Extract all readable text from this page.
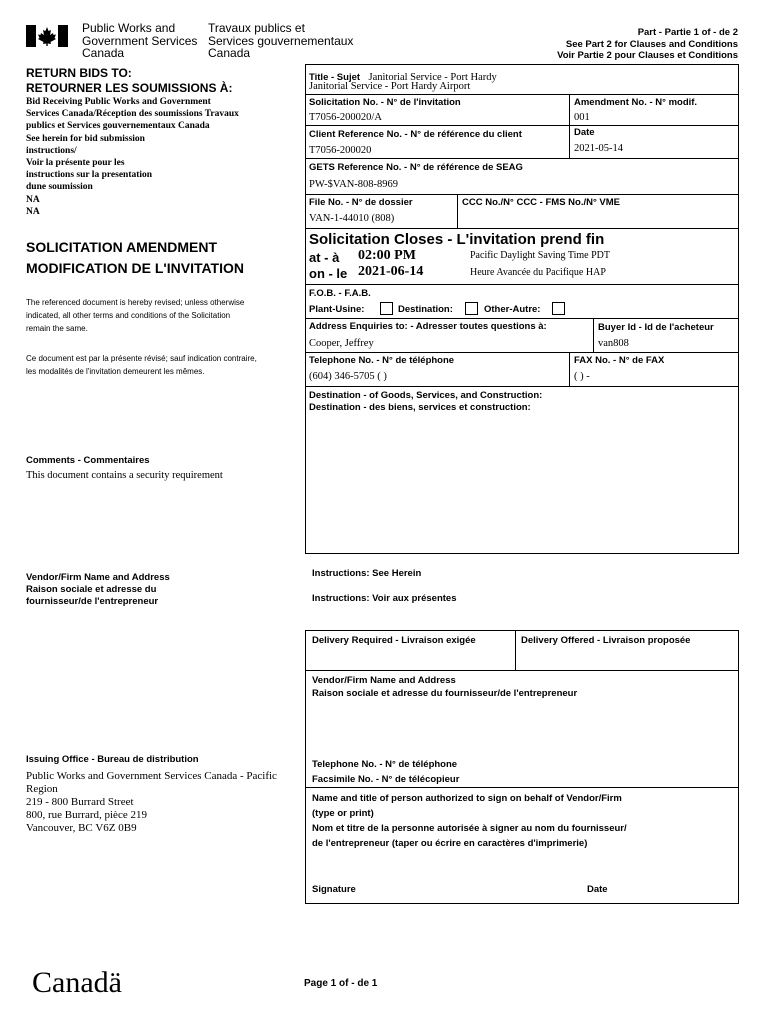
Public Works and
Government Services
Canada
Travaux publics et
Services gouvernementaux
Canada
Part - Partie 1 of - de 2
See Part 2 for Clauses and Conditions
Voir Partie 2 pour Clauses et Conditions
RETURN BIDS TO:
RETOURNER LES SOUMISSIONS À:
Bid Receiving Public Works and Government
Services Canada/Réception des soumissions Travaux
publics et Services gouvernementaux Canada
See herein for bid submission
instructions/
Voir la présente pour les
instructions sur la presentation
dune soumission
NA
NA
SOLICITATION AMENDMENT
MODIFICATION DE L'INVITATION
The referenced document is hereby revised; unless otherwise
indicated, all other terms and conditions of the Solicitation
remain the same.
Ce document est par la présente révisé; sauf indication contraire,
les modalités de l'invitation demeurent les mêmes.
Comments - Commentaires
This document contains a security requirement
Vendor/Firm Name and Address
Raison sociale et adresse du
fournisseur/de l'entrepreneur
Issuing Office - Bureau de distribution
Public Works and Government Services Canada - Pacific
Region
219 - 800 Burrard Street
800, rue Burrard, pièce 219
Vancouver, BC V6Z 0B9
Canadä
Title - Sujet Janitorial Service - Port Hardy
Janitorial Service - Port Hardy Airport
Solicitation No. - N° de l'invitation
T7056-200020/A
Amendment No. - N° modif.
001
Client Reference No. - N° de référence du client
T7056-200020
Date
2021-05-14
GETS Reference No. - N° de référence de SEAG
PW-$VAN-808-8969
File No. - N° de dossier
VAN-1-44010 (808)
CCC No./N° CCC - FMS No./N° VME
Solicitation Closes - L'invitation prend fin
at - à 02:00 PM
on - le 2021-06-14
Pacific Daylight Saving Time PDT
Heure Avancée du Pacifique HAP
F.O.B. - F.A.B.
Plant-Usine:	Destination:	Other-Autre:
Address Enquiries to: - Adresser toutes questions à:
Cooper, Jeffrey
Buyer Id - Id de l'acheteur
van808
Telephone No. - N° de téléphone
(604) 346-5705 ( )
FAX No. - N° de FAX
( ) -
Destination - of Goods, Services, and Construction:
Destination - des biens, services et construction:
Instructions: See Herein
Instructions: Voir aux présentes
Delivery Required - Livraison exigée	Delivery Offered - Livraison proposée
Vendor/Firm Name and Address
Raison sociale et adresse du fournisseur/de l'entrepreneur
Telephone No. - N° de téléphone
Facsimile No. - N° de télécopieur
Name and title of person authorized to sign on behalf of Vendor/Firm
(type or print)
Nom et titre de la personne autorisée à signer au nom du fournisseur/
de l'entrepreneur (taper ou écrire en caractères d'imprimerie)
Signature	Date
Page 1 of - de 1
